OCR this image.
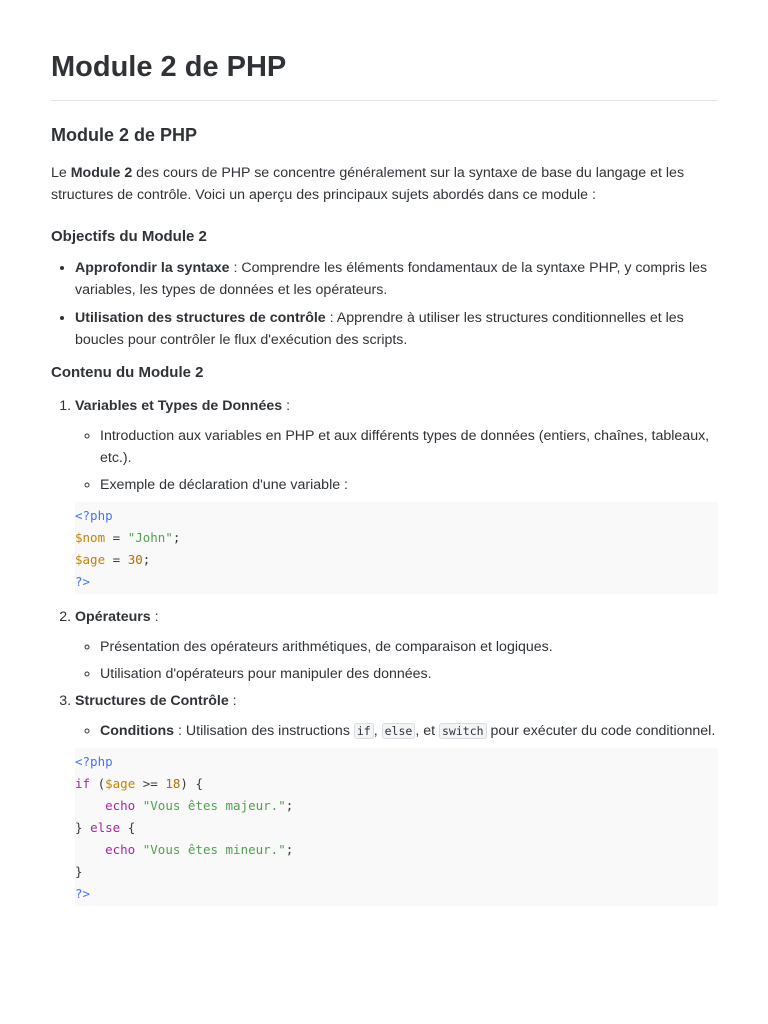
Module 2 de PHP
Module 2 de PHP

Le Module 2 des cours de PHP se concentre généralement sur la syntaxe de base du langage et les structures de contrôle. Voici un aperçu des principaux sujets abordés dans ce module :

Objectifs du Module 2
• Approfondir la syntaxe : Comprendre les éléments fondamentaux de la syntaxe PHP, y compris les variables, les types de données et les opérateurs.
• Utilisation des structures de contrôle : Apprendre à utiliser les structures conditionnelles et les boucles pour contrôler le flux d'exécution des scripts.
Contenu du Module 2

1. Variables et Types de Données :

◦ Introduction aux variables en PHP et aux différents types de données (entiers, chaînes, tableaux, etc.).
◦ Exemple de déclaration d'une variable :
<?php
$nom = "John";
$age = 30;
?>

2. Opérateurs :

◦ Présentation des opérateurs arithmétiques, de comparaison et logiques.
◦ Utilisation d'opérateurs pour manipuler des données.

3. Structures de Contrôle :

◦ Conditions : Utilisation des instructions if , else , et switch pour exécuter du code conditionnel.
<?php
if ($age >= 18) {
echo "Vous êtes majeur.";
} else {
echo "Vous êtes mineur.";
}
?>
